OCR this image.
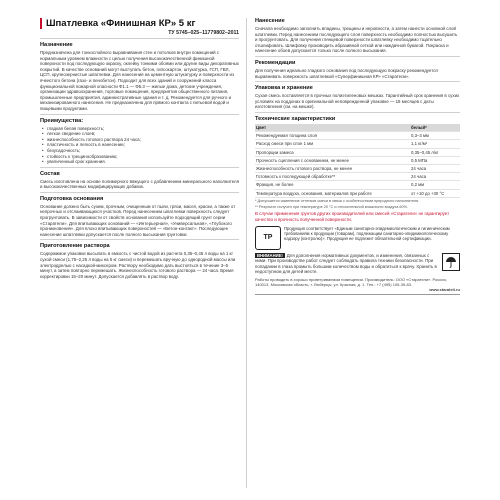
Шпатлевка «Финишная КР» 5 кг
ТУ 5745–025–11779802–2011
Назначение

Предназначена для тонкослойного выравнивания стен и потолков внутри помещений с нормальным уровнем влажности с целью получения высококачественной финишной поверхности под последующую окраску, оклейку тонкими обоями или другие виды декоративных покрытий. В качестве оснований могут выступать бетон, гипсокартон, штукатурка, ГСП, ГВЛ, ЦСП, крупнозернистые шпатлевки. Для нанесения на цементную штукатурку и поверхности из ячеистого бетона (газо- и пенобетон). Подходит для всех зданий и сооружений класса функциональной пожарной опасности Ф1.1 — Ф5.3 — жилые дома, детские учреждения, организации здравоохранения, торговые помещения, предприятия общественного питания, промышленные предприятия, административные здания и т. д. Рекомендуется для ручного и механизированного нанесения. Не предназначена для прямого контакта с питьевой водой и пищевыми продуктами.

Преимущества:
• гладкая белая поверхность;
• легкое сведение слоев;
• жизнеспособность готового раствора 24 часа;
• пластичность и легкость в нанесении;
• безусадочность;
• стойкость к трещинообразованию;
• увеличенный срок хранения.
Состав

Смесь изготовлена на основе полимерного вяжущего с добавлением минерального наполнителя и высококачественных модифицирующих добавок.

Подготовка основания

Основание должно быть сухим, прочным, очищенным от пыли, грязи, масел, краски, а также от непрочных и отслаивающихся участков. Перед нанесением шпатлевки поверхность следует прогрунтовать. В зависимости от свойств основания используйте подходящий грунт серии «Старатели». Для впитывающих оснований — «Интерьерная», «Универсальная», «Глубокого проникновения». Для плохо впитывающих поверхностей — «Бетон-контакт». Последующее нанесение шпатлевки допускается после полного высыхания грунтовки.

Приготовление раствора

Содержимое упаковки высыпать в емкость с чистой водой из расчета 0,35–0,45 л воды на 1 кг сухой смеси (1,75–2,25 л воды на 5 кг смеси) и перемешать вручную до однородной массы или электродрелью с насадкой-миксером. Раствору необходимо дать выстояться в течение 3–5 минут, а затем повторно перемешать. Жизнеспособность готового раствора — 24 часа. Время корректировки 15–20 минут. Допускается добавлять в раствор воду.

Нанесение

Сначала необходимо заполнить впадины, трещины и неровности, а затем нанести основной слой шпатлевки. Перед нанесением последующего слоя поверхность необходимо полностью высушить и прогрунтовать. Для получения глянцевой поверхности шпатлевку необходимо тщательно отшлифовать. Шлифовку производить абразивной сеткой или наждачной бумагой. Покраска и нанесение обоев допускается только после полного высыхания.

Рекомендации

Для получения идеально гладкого основания под последующую покраску рекомендуется выравнивать поверхность шпатлевкой «Суперфинишная КР» «Старатели».

Упаковка и хранение

Сухая смесь поставляется в прочных полиэтиленовых мешках. Гарантийный срок хранения в сухих условиях на поддонах в оригинальной неповрежденной упаковке — 18 месяцев с даты изготовления (см. на мешке).

Технические характеристики
Цвет	белый*
Рекомендуемая толщина слоя	0,3–3 мм
Расход смеси при слое 1 мм	1,1 кг/м²
Пропорции замеса	0,35–0,45 л/кг
Прочность сцепления с основанием, не менее	0,5 МПа
Жизнеспособность готового раствора, не менее	24 часа
Готовность к последующей обработке**	24 часа
Фракция, не более	0,2 мм
Температура воздуха, основания, материалов при работе	от +10 до +30 °С
* Допускается изменение оттенков смеси в связи с особенностями природного наполнителя.
** Результат получен при температуре 20 °С и относительной влажности воздуха 60%.
В случае применения грунтов других производителей или смесей «Старатели» не гарантирует качество и прочность полученной поверхности.
ТР

Продукция соответствует «Единым санитарно-эпидемиологическим и гигиеническим требованиям к продукции (товарам), подлежащим санитарно-эпидемиологическому надзору (контролю)». Продукция не подлежит обязательной сертификации.

ВНИМАНИЕ! Для дополнения нормативных документов, и изменения, связанных с ними. При производстве работ следует соблюдать правила техники безопасности. При попадании в глаза промыть большим количеством воды и обратиться к врачу. Хранить в недоступном для детей месте.

Работы проводить в хорошо проветриваемом помещении. Производитель: ООО «Старатели». Россия, 140013, Московская область, г. Люберцы, ул. Красная, д. 1. Тел.: +7 (495) 105-39-83.

www.starateli.ru
